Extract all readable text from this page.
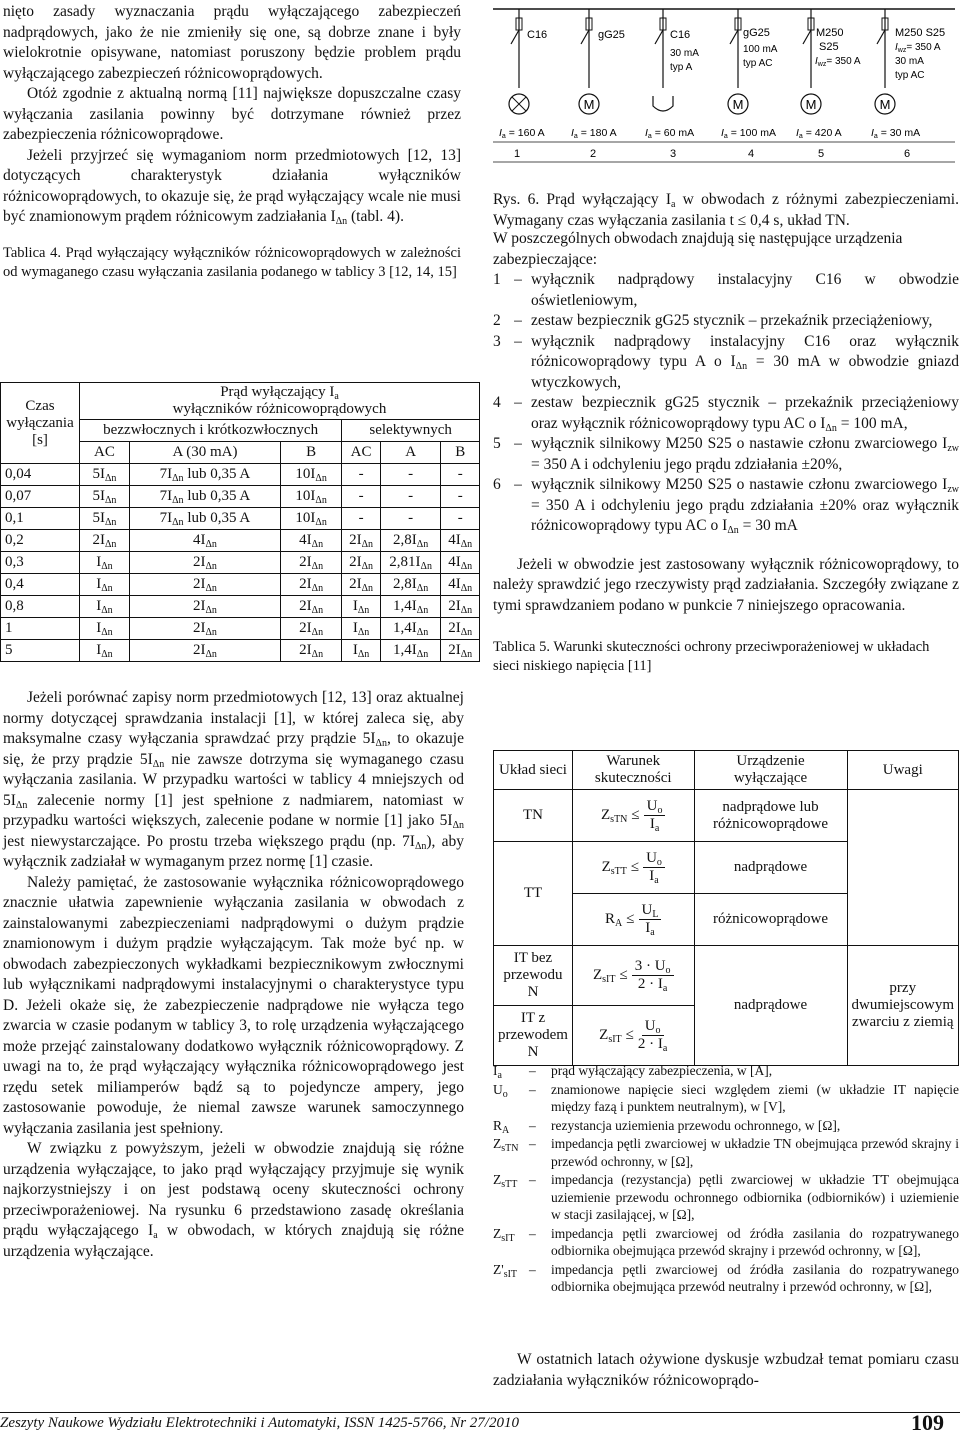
nięto zasady wyznaczania prądu wyłączającego zabezpieczeń nadprądowych, jako że nie zmieniły się one, są dobrze znane i były wielokrotnie opisywane, natomiast poruszony będzie problem prądu wyłączającego zabezpieczeń różnicowoprądowych.

Otóż zgodnie z aktualną normą [11] największe dopuszczalne czasy wyłączania zasilania powinny być dotrzymane również przez zabezpieczenia różnicowoprądowe.

Jeżeli przyjrzeć się wymaganiom norm przedmiotowych [12, 13] dotyczących charakterystyk działania wyłączników różnicowoprądowych, to okazuje się, że prąd wyłączający wcale nie musi być znamionowym prądem różnicowym zadziałania $I_{\Delta n}$ (tabl. 4).

Tablica 4. Prąd wyłączający wyłączników różnicowoprądowych w zależności od wymaganego czasu wyłączania zasilania podanego w tablicy 3 [12, 14, 15]

Czas wyłączania [s]	Prąd wyłączający $I_a$
wyłączników różnicowoprądowych					
	bezzwłocznych i krótkozwłocznych			selektywnych		
	AC	A (30 mA)	B	AC	A	B
0,04	$5I_{\Delta n}$	$7I_{\Delta n}$ lub 0,35 A	$10I_{\Delta n}$	-	-	-
0,07	$5I_{\Delta n}$	$7I_{\Delta n}$ lub 0,35 A	$10I_{\Delta n}$	-	-	-
0,1	$5I_{\Delta n}$	$7I_{\Delta n}$ lub 0,35 A	$10I_{\Delta n}$	-	-	-
0,2	$2I_{\Delta n}$	$4I_{\Delta n}$	$4I_{\Delta n}$	$2I_{\Delta n}$	$2,8I_{\Delta n}$	$4I_{\Delta n}$
0,3	$I_{\Delta n}$	$2I_{\Delta n}$	$2I_{\Delta n}$	$2I_{\Delta n}$	$2,81I_{\Delta n}$	$4I_{\Delta n}$
0,4	$I_{\Delta n}$	$2I_{\Delta n}$	$2I_{\Delta n}$	$2I_{\Delta n}$	$2,8I_{\Delta n}$	$4I_{\Delta n}$
0,8	$I_{\Delta n}$	$2I_{\Delta n}$	$2I_{\Delta n}$	$I_{\Delta n}$	$1,4I_{\Delta n}$	$2I_{\Delta n}$
1	$I_{\Delta n}$	$2I_{\Delta n}$	$2I_{\Delta n}$	$I_{\Delta n}$	$1,4I_{\Delta n}$	$2I_{\Delta n}$
5	$I_{\Delta n}$	$2I_{\Delta n}$	$2I_{\Delta n}$	$I_{\Delta n}$	$1,4I_{\Delta n}$	$2I_{\Delta n}$

Jeżeli porównać zapisy norm przedmiotowych [12, 13] oraz aktualnej normy dotyczącej sprawdzania instalacji [1], w której zaleca się, aby maksymalne czasy wyłączania sprawdzać przy prądzie $5I_{\Delta n}$, to okazuje się, że przy prądzie $5I_{\Delta n}$ nie zawsze dotrzyma się wymaganego czasu wyłączania zasilania. W przypadku wartości w tablicy 4 mniejszych od $5I_{\Delta n}$ zalecenie normy [1] jest spełnione z nadmiarem, natomiast w przypadku wartości większych, zalecenie podane w normie [1] jako $5I_{\Delta n}$ jest niewystarczające. Po prostu trzeba większego prądu (np. $7I_{\Delta n}$), aby wyłącznik zadziałał w wymaganym przez normę [1] czasie.

Należy pamiętać, że zastosowanie wyłącznika różnicowoprądowego znacznie ułatwia zapewnienie wyłączania zasilania w obwodach z zainstalowanymi zabezpieczeniami nadprądowymi o dużym prądzie znamionowym i dużym prądzie wyłączającym. Tak może być np. w obwodach zabezpieczonych wykładkami bezpiecznikowym zwłocznymi lub wyłącznikami nadprądowymi instalacyjnymi o charakterystyce typu D. Jeżeli okaże się, że zabezpieczenie nadprądowe nie wyłącza tego zwarcia w czasie podanym w tablicy 3, to rolę urządzenia wyłączającego może przejąć zainstalowany dodatkowo wyłącznik różnicowoprądowy. Z uwagi na to, że prąd wyłączający wyłącznika różnicowoprądowego jest rzędu setek miliamperów bądź są to pojedyncze ampery, jego zastosowanie powoduje, że niemal zawsze warunek samoczynnego wyłączania zasilania jest spełniony.

W związku z powyższym, jeżeli w obwodzie znajdują się różne urządzenia wyłączające, to jako prąd wyłączający przyjmuje się wynik najkorzystniejszy i on jest podstawą oceny skuteczności ochrony przeciwporażeniowej. Na rysunku 6 przedstawiono zasadę określania prądu wyłączającego $I_a$ w obwodach, w których znajdują się różne urządzenia wyłączające.

M	M	M	M
C16	gG25	C16
30 mA
typ A
gG25
100 mA
typ AC
M250
S25
$I_{wz}= 350$ A
M250 S25
$I_{wz}= 350$ A
30 mA
typ AC
Ia = 160 A	Ia = 180 A	Ia = 60 mA	Ia = 100 mA Ia = 420 A	Ia = 30 mA
1	2	3	4	5	6

Rys. 6. Prąd wyłączający $I_a$ w obwodach z różnymi zabezpieczeniami. Wymagany czas wyłączania zasilania t ≤ 0,4 s, układ TN.

W poszczególnych obwodach znajdują się następujące urządzenia zabezpieczające:

1 – wyłącznik nadprądowy instalacyjny C16 w obwodzie oświetleniowym,
2 – zestaw bezpiecznik gG25 stycznik – przekaźnik przeciążeniowy,
3 – wyłącznik nadprądowy instalacyjny C16 oraz wyłącznik różnicowoprądowy typu A o $I_{\Delta n} = 30$ mA w obwodzie gniazd wtyczkowych,
4 – zestaw bezpiecznik gG25 stycznik – przekaźnik przeciążeniowy oraz wyłącznik różnicowoprądowy typu AC o $I_{\Delta n} = 100$ mA,
5 – wyłącznik silnikowy M250 S25 o nastawie członu zwarciowego $I_{zw} = 350$ A i odchyleniu jego prądu zdziałania ±20%,
6 – wyłącznik silnikowy M250 S25 o nastawie członu zwarciowego $I_{zw} = 350$ A i odchyleniu jego prądu zdziałania ±20% oraz wyłącznik różnicowoprądowy typu AC o $I_{\Delta n} = 30$ mA

Jeżeli w obwodzie jest zastosowany wyłącznik różnicowoprądowy, to należy sprawdzić jego rzeczywisty prąd zadziałania. Szczegóły związane z tymi sprawdzaniem podano w punkcie 7 niniejszego opracowania.

Tablica 5. Warunki skuteczności ochrony przeciwporażeniowej w układach sieci niskiego napięcia [11]

Układ sieci	Warunek skuteczności	Urządzenie wyłączające	Uwagi
TN	$Z_{sTN} \le \frac{U_o}{I_a}$	nadprądowe lub różnicowoprądowe	
TT	$Z_{sTT} \le \frac{U_o}{I_a}$	nadprądowe	

	$R_A \le \frac{U_L}{I_a}$	różnicowoprądowe	
IT bez przewodu N	$Z_{sIT} \le \frac{3 \cdot U_o}{2 \cdot I_a}$	nadprądowe	przy dwumiejscowym zwarciu z ziemią
IT z przewodem N	$Z_{sIT} \le \frac{U_o}{2 \cdot I_a}$
$I_a$	–	prąd wyłączający zabezpieczenia, w [A],
$U_o$	–	znamionowe napięcie sieci względem ziemi (w układzie IT napięcie między fazą i punktem neutralnym), w [V],
$R_A$	–	rezystancja uziemienia przewodu ochronnego, w [Ω],
$Z_{sTN}$ –	impedancja pętli zwarciowej w układzie TN obejmująca przewód skrajny i przewód ochronny, w [Ω],
$Z_{sTT}$ –	impedancja (rezystancja) pętli zwarciowej w układzie TT obejmująca uziemienie przewodu ochronnego odbiornika (odbiorników) i uziemienie w stacji zasilającej, w [Ω],
$Z_{sIT}$	–	impedancja pętli zwarciowej od źródła zasilania do rozpatrywanego odbiornika obejmująca przewód skrajny i przewód ochronny, w [Ω],
$Z'_{sIT}$ –	impedancja pętli zwarciowej od źródła zasilania do rozpatrywanego odbiornika obejmująca przewód neutralny i przewód ochronny, w [Ω],

W ostatnich latach ożywione dyskusje wzbudzał temat pomiaru czasu zadziałania wyłączników różnicowoprądo-

Zeszyty Naukowe Wydziału Elektrotechniki i Automatyki, ISSN 1425-5766, Nr 27/2010	109
